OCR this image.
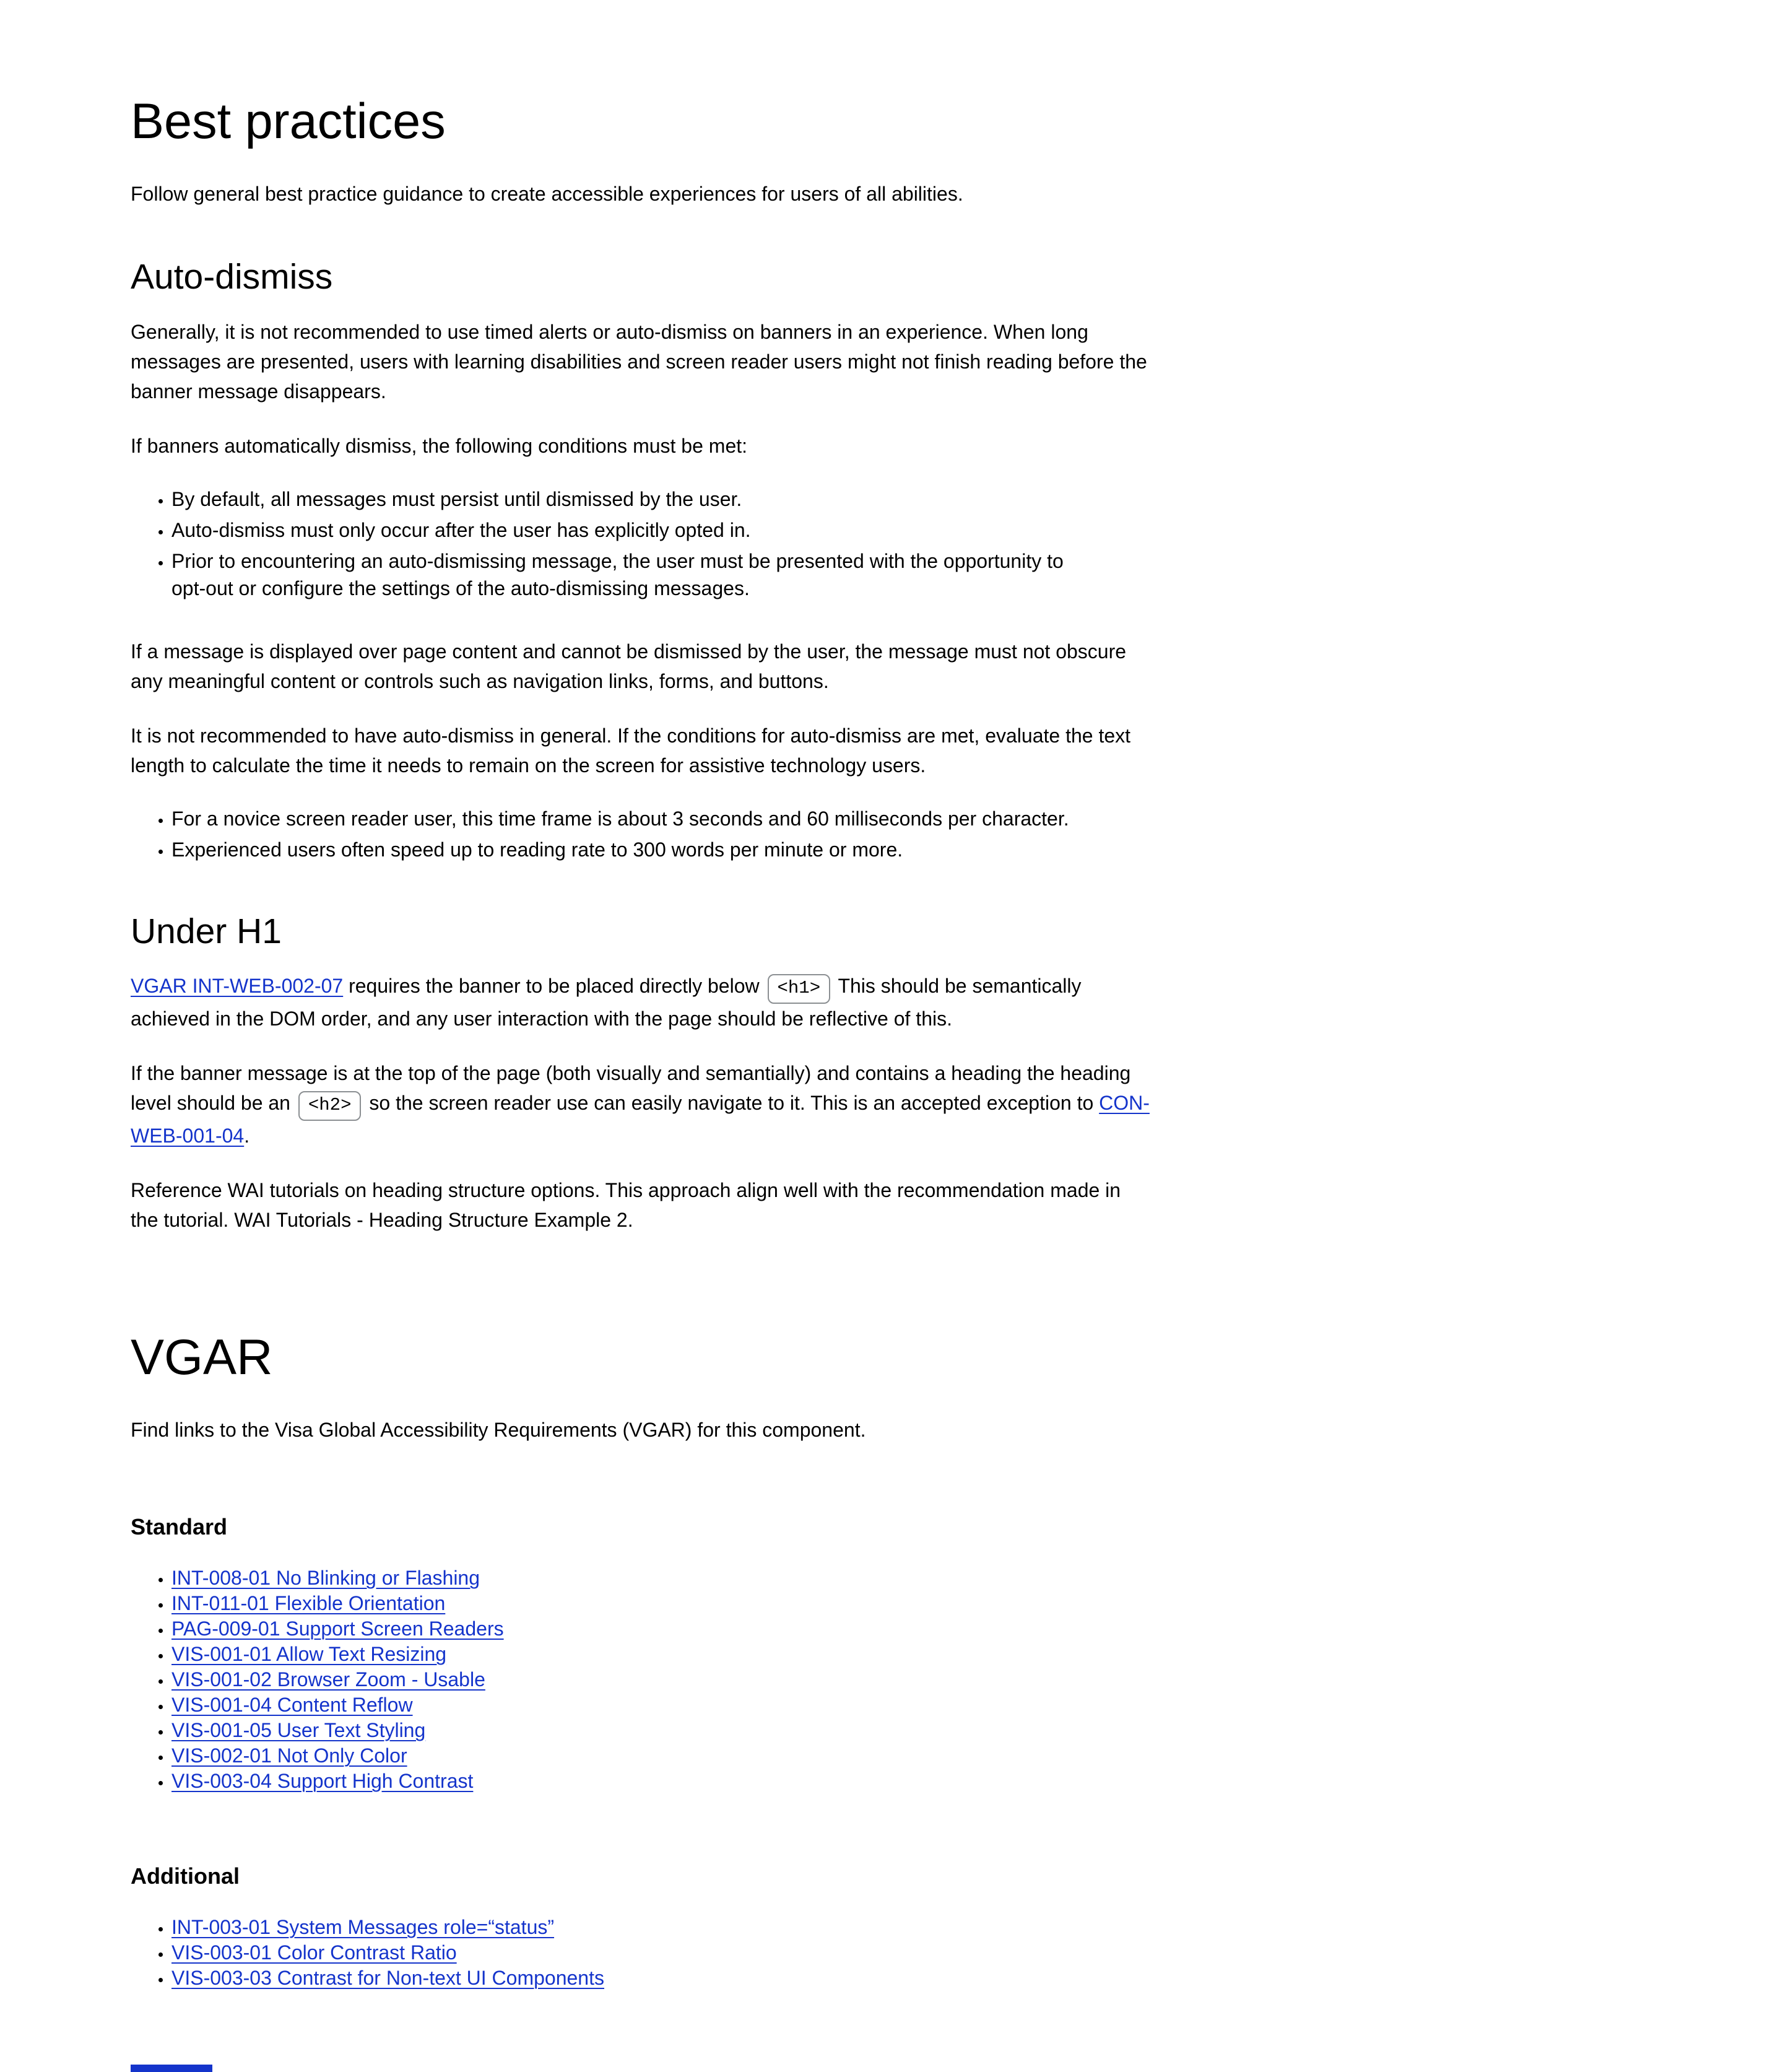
Best practices

Follow general best practice guidance to create accessible experiences for users of all abilities.

Auto-dismiss

Generally, it is not recommended to use timed alerts or auto-dismiss on banners in an experience. When long messages are presented, users with learning disabilities and screen reader users might not finish reading before the banner message disappears.

If banners automatically dismiss, the following conditions must be met:

• By default, all messages must persist until dismissed by the user.
• Auto-dismiss must only occur after the user has explicitly opted in.
• Prior to encountering an auto-dismissing message, the user must be presented with the opportunity to opt-out or configure the settings of the auto-dismissing messages.

If a message is displayed over page content and cannot be dismissed by the user, the message must not obscure any meaningful content or controls such as navigation links, forms, and buttons.

It is not recommended to have auto-dismiss in general. If the conditions for auto-dismiss are met, evaluate the text length to calculate the time it needs to remain on the screen for assistive technology users.

• For a novice screen reader user, this time frame is about 3 seconds and 60 milliseconds per character.
• Experienced users often speed up to reading rate to 300 words per minute or more.
Under H1

VGAR INT-WEB-002-07 requires the banner to be placed directly below <h1> This should be semantically achieved in the DOM order, and any user interaction with the page should be reflective of this.

If the banner message is at the top of the page (both visually and semantially) and contains a heading the heading level should be an <h2> so the screen reader use can easily navigate to it. This is an accepted exception to CON-WEB-001-04.

Reference WAI tutorials on heading structure options. This approach align well with the recommendation made in the tutorial. WAI Tutorials - Heading Structure Example 2.

VGAR

Find links to the Visa Global Accessibility Requirements (VGAR) for this component.

Standard
• INT-008-01 No Blinking or Flashing
• INT-011-01 Flexible Orientation
• PAG-009-01 Support Screen Readers
• VIS-001-01 Allow Text Resizing
• VIS-001-02 Browser Zoom - Usable
• VIS-001-04 Content Reflow
• VIS-001-05 User Text Styling
• VIS-002-01 Not Only Color
• VIS-003-04 Support High Contrast
Additional
• INT-003-01 System Messages role=“status”
• VIS-003-01 Color Contrast Ratio
• VIS-003-03 Contrast for Non-text UI Components
